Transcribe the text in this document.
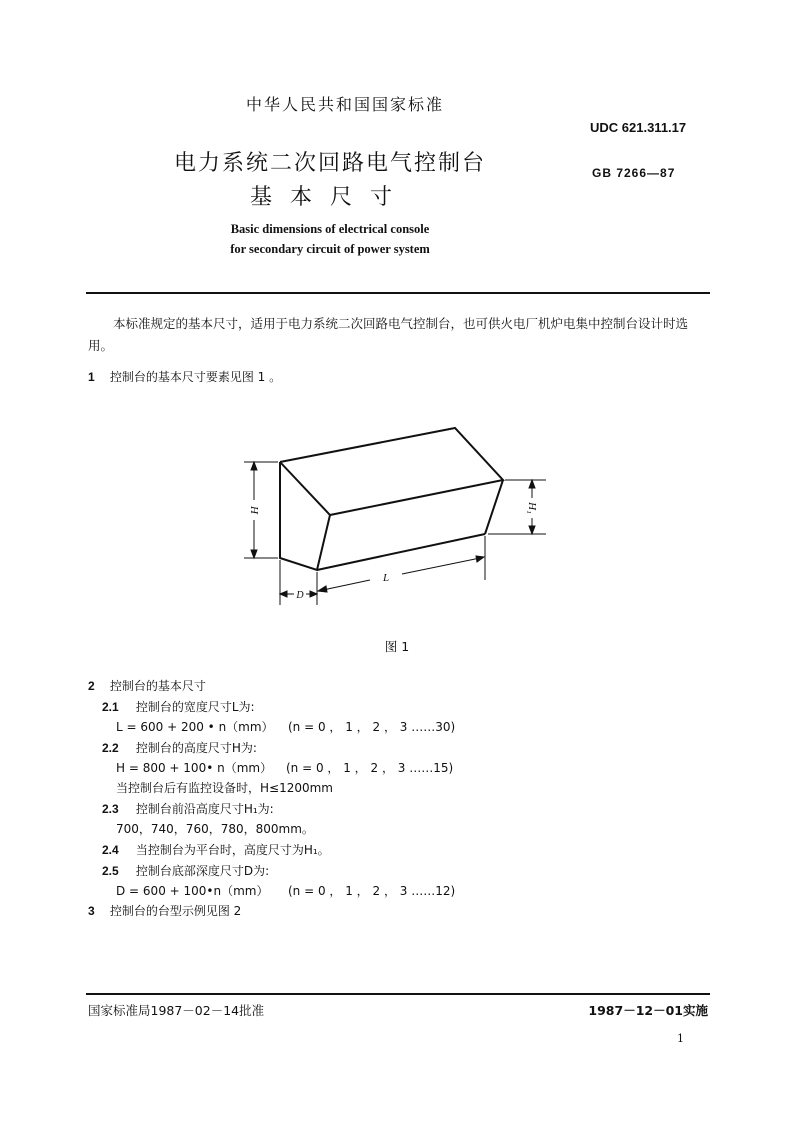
中华人民共和国国家标准
UDC 621.311.17
GB 7266—87
电力系统二次回路电气控制台
基本尺寸
Basic dimensions of electrical console
for secondary circuit of power system
本标准规定的基本尺寸，适用于电力系统二次回路电气控制台，也可供火电厂机炉电集中控制台设计时选用。
1 控制台的基本尺寸要素见图 1 。
H	H₁
L
D
图 1
2 控制台的基本尺寸
2.1 控制台的宽度尺寸L为:
L = 600 + 200 • n（mm） (n = 0 ， 1 ， 2 ， 3 ……30)
2.2 控制台的高度尺寸H为:
H = 800 + 100• n（mm） (n = 0 ， 1 ， 2 ， 3 ……15)
当控制台后有监控设备时，H≤1200mm
2.3 控制台前沿高度尺寸H₁为:
700，740，760，780，800mm。
2.4 当控制台为平台时，高度尺寸为H₁。
2.5 控制台底部深度尺寸D为:
D = 600 + 100•n（mm） (n = 0 ， 1 ， 2 ， 3 ……12)
3 控制台的台型示例见图 2
国家标准局1987－02－14批准	1987－12－01实施
1
